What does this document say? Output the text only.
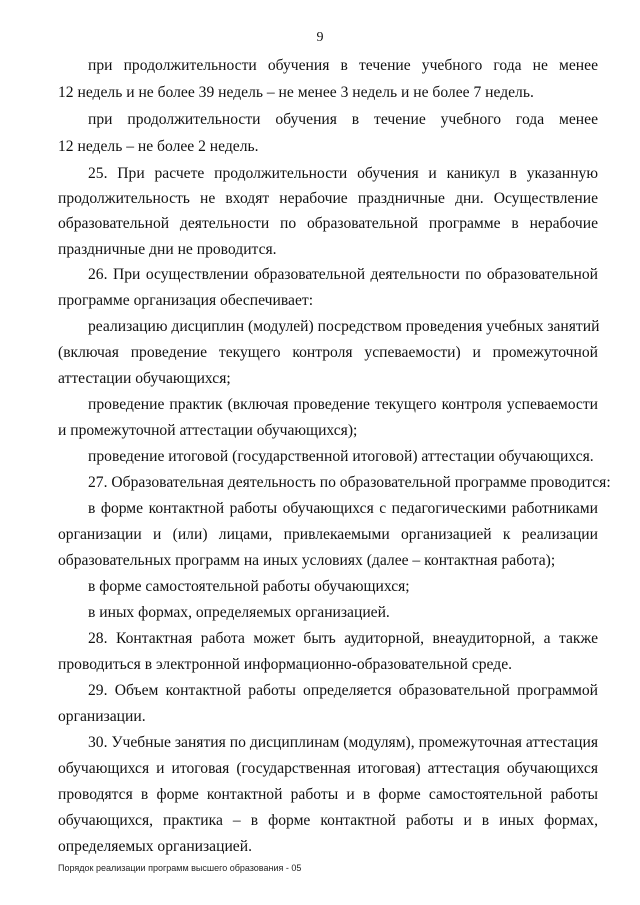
9
при продолжительности обучения в течение учебного года не менее
12 недель и не более 39 недель – не менее 3 недель и не более 7 недель.
при продолжительности обучения в течение учебного года менее
12 недель – не более 2 недель.
25. При расчете продолжительности обучения и каникул в указанную
продолжительность не входят нерабочие праздничные дни. Осуществление
образовательной деятельности по образовательной программе в нерабочие
праздничные дни не проводится.
26. При осуществлении образовательной деятельности по образовательной
программе организация обеспечивает:
реализацию дисциплин (модулей) посредством проведения учебных занятий
(включая проведение текущего контроля успеваемости) и промежуточной
аттестации обучающихся;
проведение практик (включая проведение текущего контроля успеваемости
и промежуточной аттестации обучающихся);
проведение итоговой (государственной итоговой) аттестации обучающихся.
27. Образовательная деятельность по образовательной программе проводится:
в форме контактной работы обучающихся с педагогическими работниками
организации и (или) лицами, привлекаемыми организацией к реализации
образовательных программ на иных условиях (далее – контактная работа);
в форме самостоятельной работы обучающихся;
в иных формах, определяемых организацией.
28. Контактная работа может быть аудиторной, внеаудиторной, а также
проводиться в электронной информационно-образовательной среде.
29. Объем контактной работы определяется образовательной программой
организации.
30. Учебные занятия по дисциплинам (модулям), промежуточная аттестация
обучающихся и итоговая (государственная итоговая) аттестация обучающихся
проводятся в форме контактной работы и в форме самостоятельной работы
обучающихся, практика – в форме контактной работы и в иных формах,
определяемых организацией.
Порядок реализации программ высшего образования - 05
